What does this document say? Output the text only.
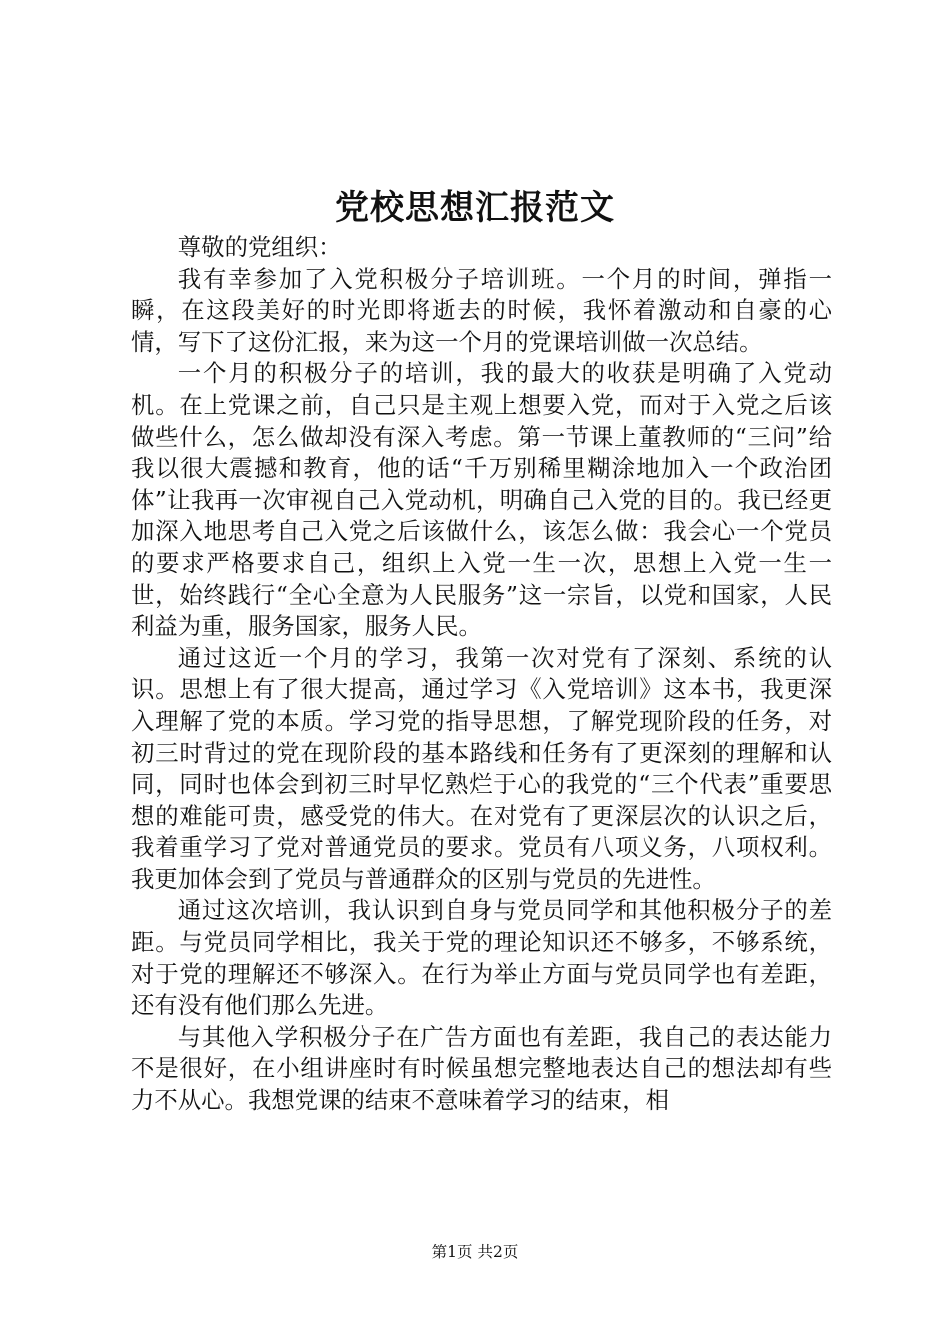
党校思想汇报范文

尊敬的党组织：

我有幸参加了入党积极分子培训班。一个月的时间，弹指一瞬，在这段美好的时光即将逝去的时候，我怀着激动和自豪的心情，写下了这份汇报，来为这一个月的党课培训做一次总结。

一个月的积极分子的培训，我的最大的收获是明确了入党动机。在上党课之前，自己只是主观上想要入党，而对于入党之后该做些什么，怎么做却没有深入考虑。第一节课上董教师的“三问”给我以很大震撼和教育，他的话“千万别稀里糊涂地加入一个政治团体”让我再一次审视自己入党动机，明确自己入党的目的。我已经更加深入地思考自己入党之后该做什么，该怎么做：我会心一个党员的要求严格要求自己，组织上入党一生一次，思想上入党一生一世，始终践行“全心全意为人民服务”这一宗旨，以党和国家，人民利益为重，服务国家，服务人民。

通过这近一个月的学习，我第一次对党有了深刻、系统的认识。思想上有了很大提高，通过学习《入党培训》这本书，我更深入理解了党的本质。学习党的指导思想，了解党现阶段的任务，对初三时背过的党在现阶段的基本路线和任务有了更深刻的理解和认同，同时也体会到初三时早忆熟烂于心的我党的“三个代表”重要思想的难能可贵，感受党的伟大。在对党有了更深层次的认识之后，我着重学习了党对普通党员的要求。党员有八项义务，八项权利。我更加体会到了党员与普通群众的区别与党员的先进性。

通过这次培训，我认识到自身与党员同学和其他积极分子的差距。与党员同学相比，我关于党的理论知识还不够多，不够系统，对于党的理解还不够深入。在行为举止方面与党员同学也有差距，还有没有他们那么先进。

与其他入学积极分子在广告方面也有差距，我自己的表达能力不是很好，在小组讲座时有时候虽想完整地表达自己的想法却有些力不从心。我想党课的结束不意味着学习的结束，相

第1页 共2页
